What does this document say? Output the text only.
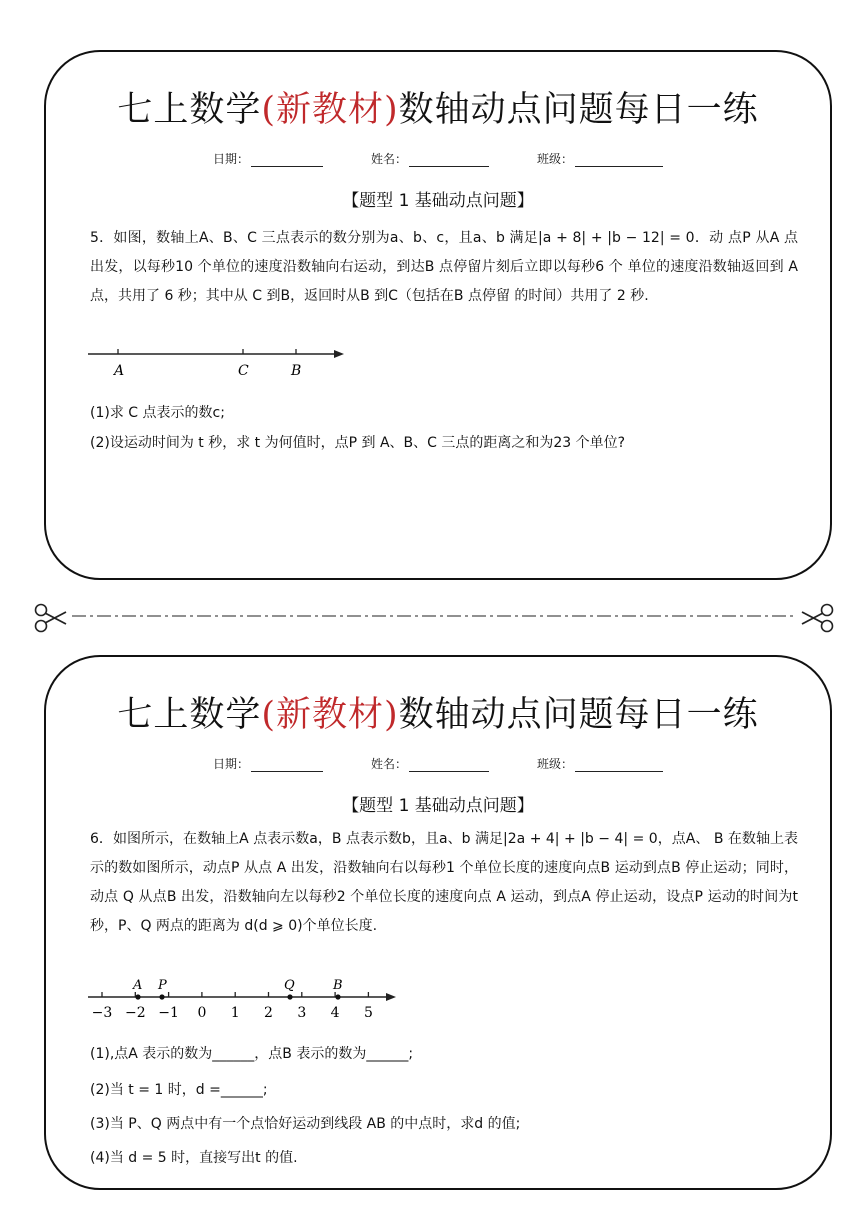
七上数学(新教材)数轴动点问题每日一练
日期：	姓名：	班级：
【题型 1 基础动点问题】
5．如图，数轴上A、B、C 三点表示的数分别为a、b、c，且a、b 满足|a + 8| + |b − 12| = 0．动 点P 从A 点出发，以每秒10 个单位的速度沿数轴向右运动，到达B 点停留片刻后立即以每秒6 个 单位的速度沿数轴返回到 A 点，共用了 6 秒；其中从 C 到B，返回时从B 到C（包括在B 点停留 的时间）共用了 2 秒.
A	C	B
(1)求 C 点表示的数c;
(2)设运动时间为 t 秒，求 t 为何值时，点P 到 A、B、C 三点的距离之和为23 个单位?
七上数学(新教材)数轴动点问题每日一练
日期：	姓名：	班级：
【题型 1 基础动点问题】
6．如图所示，在数轴上A 点表示数a，B 点表示数b，且a、b 满足|2a + 4| + |b − 4| = 0，点A、 B 在数轴上表示的数如图所示，动点P 从点 A 出发，沿数轴向右以每秒1 个单位长度的速度向点B 运动到点B 停止运动；同时，动点 Q 从点B 出发，沿数轴向左以每秒2 个单位长度的速度向点 A 运动，到点A 停止运动，设点P 运动的时间为t 秒，P、Q 两点的距离为 d(d ⩾ 0)个单位长度.
A P	Q	B
−3 −2 −1 0 1 2 3 4 5
(1),点A 表示的数为______，点B 表示的数为______;
(2)当 t = 1 时，d =______;
(3)当 P、Q 两点中有一个点恰好运动到线段 AB 的中点时，求d 的值;
(4)当 d = 5 时，直接写出t 的值.
